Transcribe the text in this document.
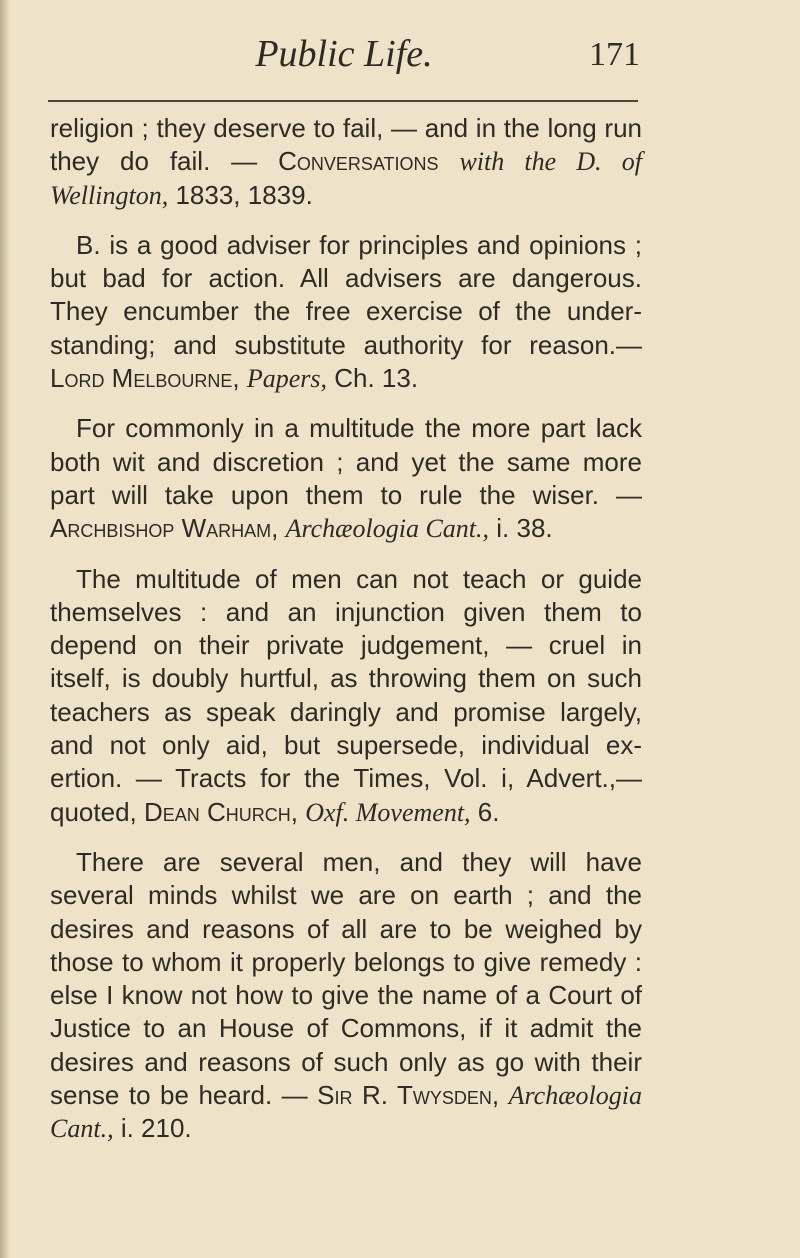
Public Life.	171
religion ; they deserve to fail, — and in the long run they do fail. — Conversations with the D. of Wellington, 1833, 1839.
B. is a good adviser for principles and opinions ; but bad for action. All advisers are dangerous. They encumber the free exercise of the under-standing; and substitute authority for reason.— Lord Melbourne, Papers, Ch. 13.
For commonly in a multitude the more part lack both wit and discretion ; and yet the same more part will take upon them to rule the wiser. — Archbishop Warham, Archæologia Cant., i. 38.
The multitude of men can not teach or guide themselves : and an injunction given them to depend on their private judgement, — cruel in itself, is doubly hurtful, as throwing them on such teachers as speak daringly and promise largely, and not only aid, but supersede, individual ex-ertion. — Tracts for the Times, Vol. i, Advert.,— quoted, Dean Church, Oxf. Movement, 6.
There are several men, and they will have several minds whilst we are on earth ; and the desires and reasons of all are to be weighed by those to whom it properly belongs to give remedy : else I know not how to give the name of a Court of Justice to an House of Commons, if it admit the desires and reasons of such only as go with their sense to be heard. — Sir R. Twysden, Archæologia Cant., i. 210.
